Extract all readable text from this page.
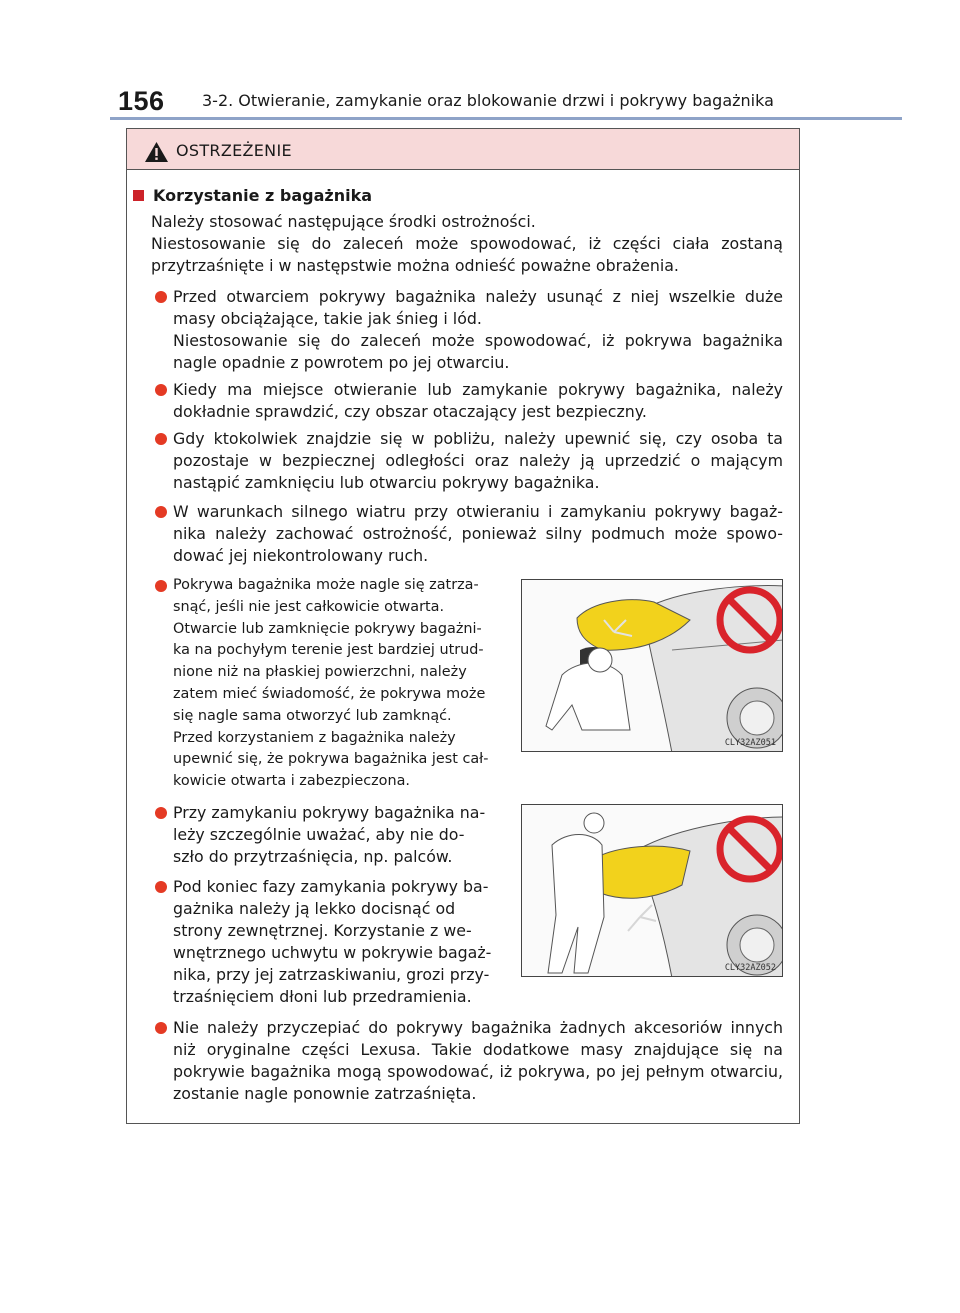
156 3-2. Otwieranie, zamykanie oraz blokowanie drzwi i pokrywy bagażnika
OSTRZEŻENIE
Korzystanie z bagażnika
Należy stosować następujące środki ostrożności.
Niestosowanie się do zaleceń może spowodować, iż części ciała zostaną przytrzaśnięte i w następstwie można odnieść poważne obrażenia.
Przed otwarciem pokrywy bagażnika należy usunąć z niej wszelkie duże masy obciążające, takie jak śnieg i lód.
Niestosowanie się do zaleceń może spowodować, iż pokrywa bagażnika nagle opadnie z powrotem po jej otwarciu.
Kiedy ma miejsce otwieranie lub zamykanie pokrywy bagażnika, należy dokładnie sprawdzić, czy obszar otaczający jest bezpieczny.
Gdy ktokolwiek znajdzie się w pobliżu, należy upewnić się, czy osoba ta pozostaje w bezpiecznej odległości oraz należy ją uprzedzić o mającym nastąpić zamknięciu lub otwarciu pokrywy bagażnika.
W warunkach silnego wiatru przy otwieraniu i zamykaniu pokrywy bagaż-nika należy zachować ostrożność, ponieważ silny podmuch może spowo-dować jej niekontrolowany ruch.
Pokrywa bagażnika może nagle się zatrza-
snąć, jeśli nie jest całkowicie otwarta.
Otwarcie lub zamknięcie pokrywy bagażni-
ka na pochyłym terenie jest bardziej utrud-
nione niż na płaskiej powierzchni, należy
zatem mieć świadomość, że pokrywa może
się nagle sama otworzyć lub zamknąć.
Przed korzystaniem z bagażnika należy
upewnić się, że pokrywa bagażnika jest cał-
kowicie otwarta i zabezpieczona.
Przy zamykaniu pokrywy bagażnika na-
leży szczególnie uważać, aby nie do-
szło do przytrzaśnięcia, np. palców.
Pod koniec fazy zamykania pokrywy ba-
gażnika należy ją lekko docisnąć od
strony zewnętrznej. Korzystanie z we-
wnętrznego uchwytu w pokrywie bagaż-
nika, przy jej zatrzaskiwaniu, grozi przy-
trzaśnięciem dłoni lub przedramienia.
Nie należy przyczepiać do pokrywy bagażnika żadnych akcesoriów innych niż oryginalne części Lexusa. Takie dodatkowe masy znajdujące się na pokrywie bagażnika mogą spowodować, iż pokrywa, po jej pełnym otwarciu, zostanie nagle ponownie zatrzaśnięta.
CLY32AZ051
CLY32AZ052
